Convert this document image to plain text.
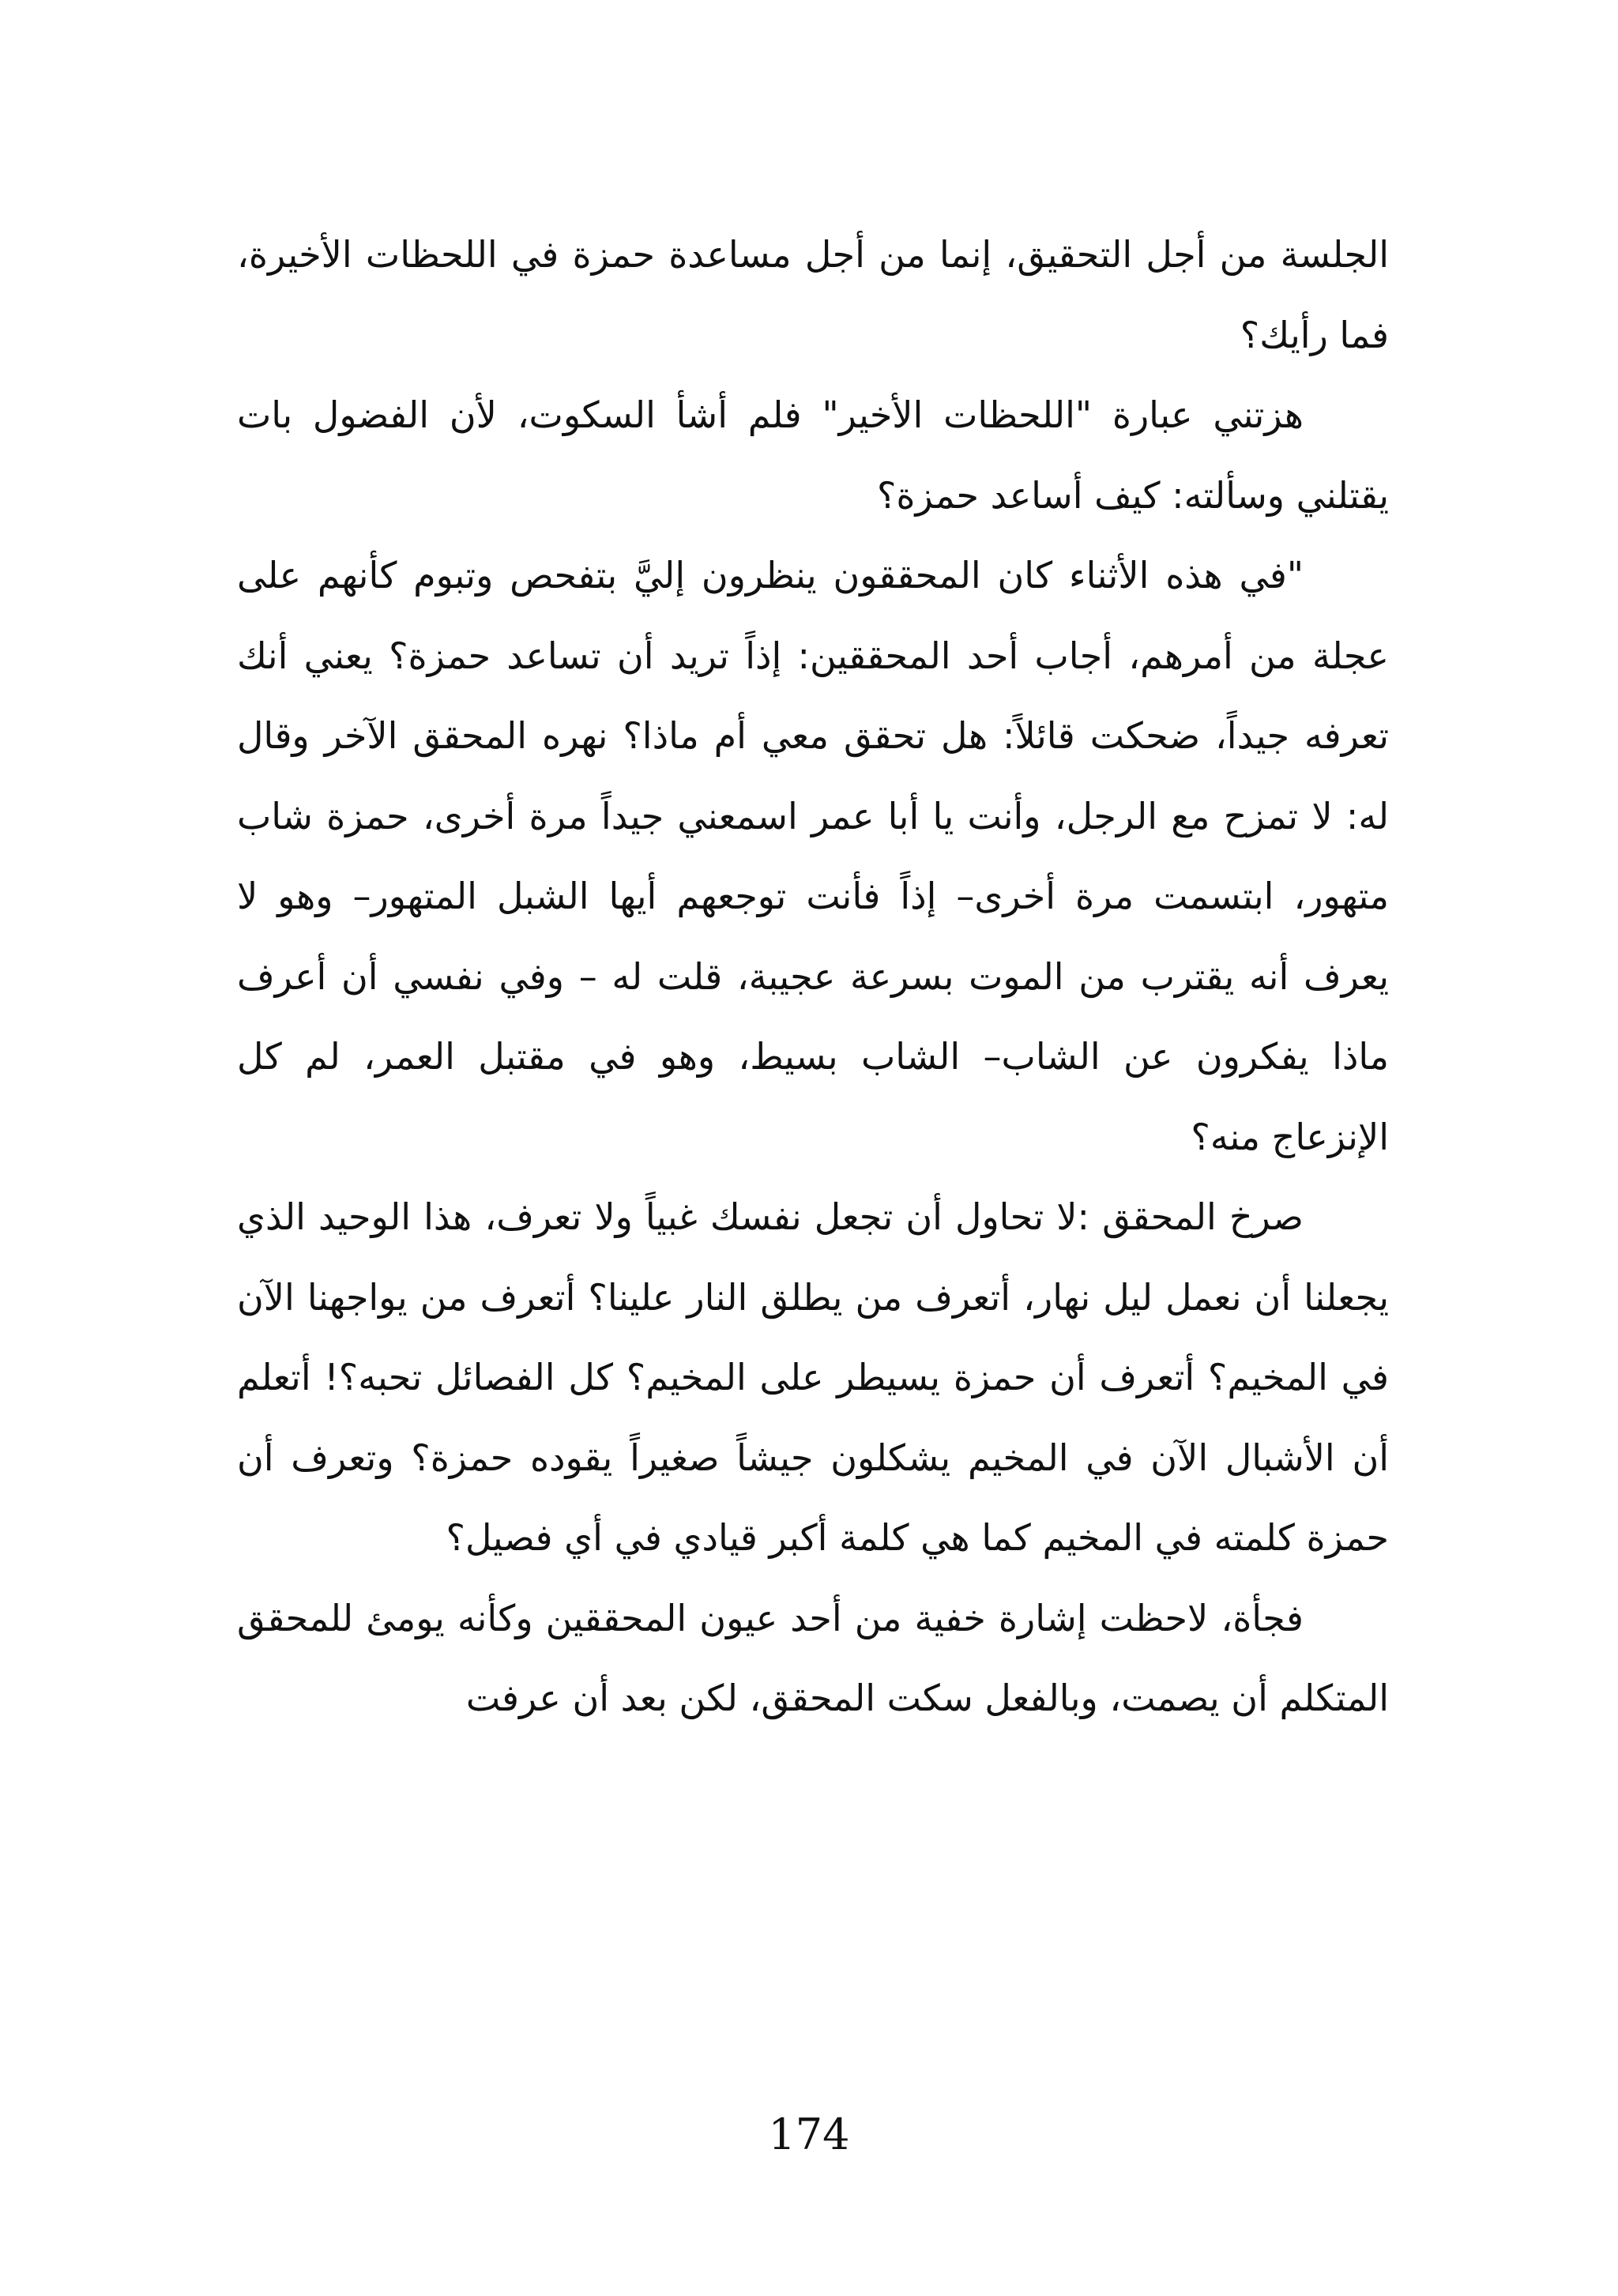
الجلسة من أجل التحقيق، إنما من أجل مساعدة حمزة في اللحظات الأخيرة، فما رأيك؟

هزتني عبارة "اللحظات الأخير" فلم أشأ السكوت، لأن الفضول بات يقتلني وسألته: كيف أساعد حمزة؟

"في هذه الأثناء كان المحققون ينظرون إليَّ بتفحص وتبوم كأنهم على عجلة من أمرهم، أجاب أحد المحققين: إذاً تريد أن تساعد حمزة؟ يعني أنك تعرفه جيداً، ضحكت قائلاً: هل تحقق معي أم ماذا؟ نهره المحقق الآخر وقال له: لا تمزح مع الرجل، وأنت يا أبا عمر اسمعني جيداً مرة أخرى، حمزة شاب متهور، ابتسمت مرة أخرى– إذاً فأنت توجعهم أيها الشبل المتهور– وهو لا يعرف أنه يقترب من الموت بسرعة عجيبة، قلت له – وفي نفسي أن أعرف ماذا يفكرون عن الشاب– الشاب بسيط، وهو في مقتبل العمر، لم كل الإنزعاج منه؟

صرخ المحقق :لا تحاول أن تجعل نفسك غبياً ولا تعرف، هذا الوحيد الذي يجعلنا أن نعمل ليل نهار، أتعرف من يطلق النار علينا؟ أتعرف من يواجهنا الآن في المخيم؟ أتعرف أن حمزة يسيطر على المخيم؟ كل الفصائل تحبه؟! أتعلم أن الأشبال الآن في المخيم يشكلون جيشاً صغيراً يقوده حمزة؟ وتعرف أن حمزة كلمته في المخيم كما هي كلمة أكبر قيادي في أي فصيل؟

فجأة، لاحظت إشارة خفية من أحد عيون المحققين وكأنه يومئ للمحقق المتكلم أن يصمت، وبالفعل سكت المحقق، لكن بعد أن عرفت

174
